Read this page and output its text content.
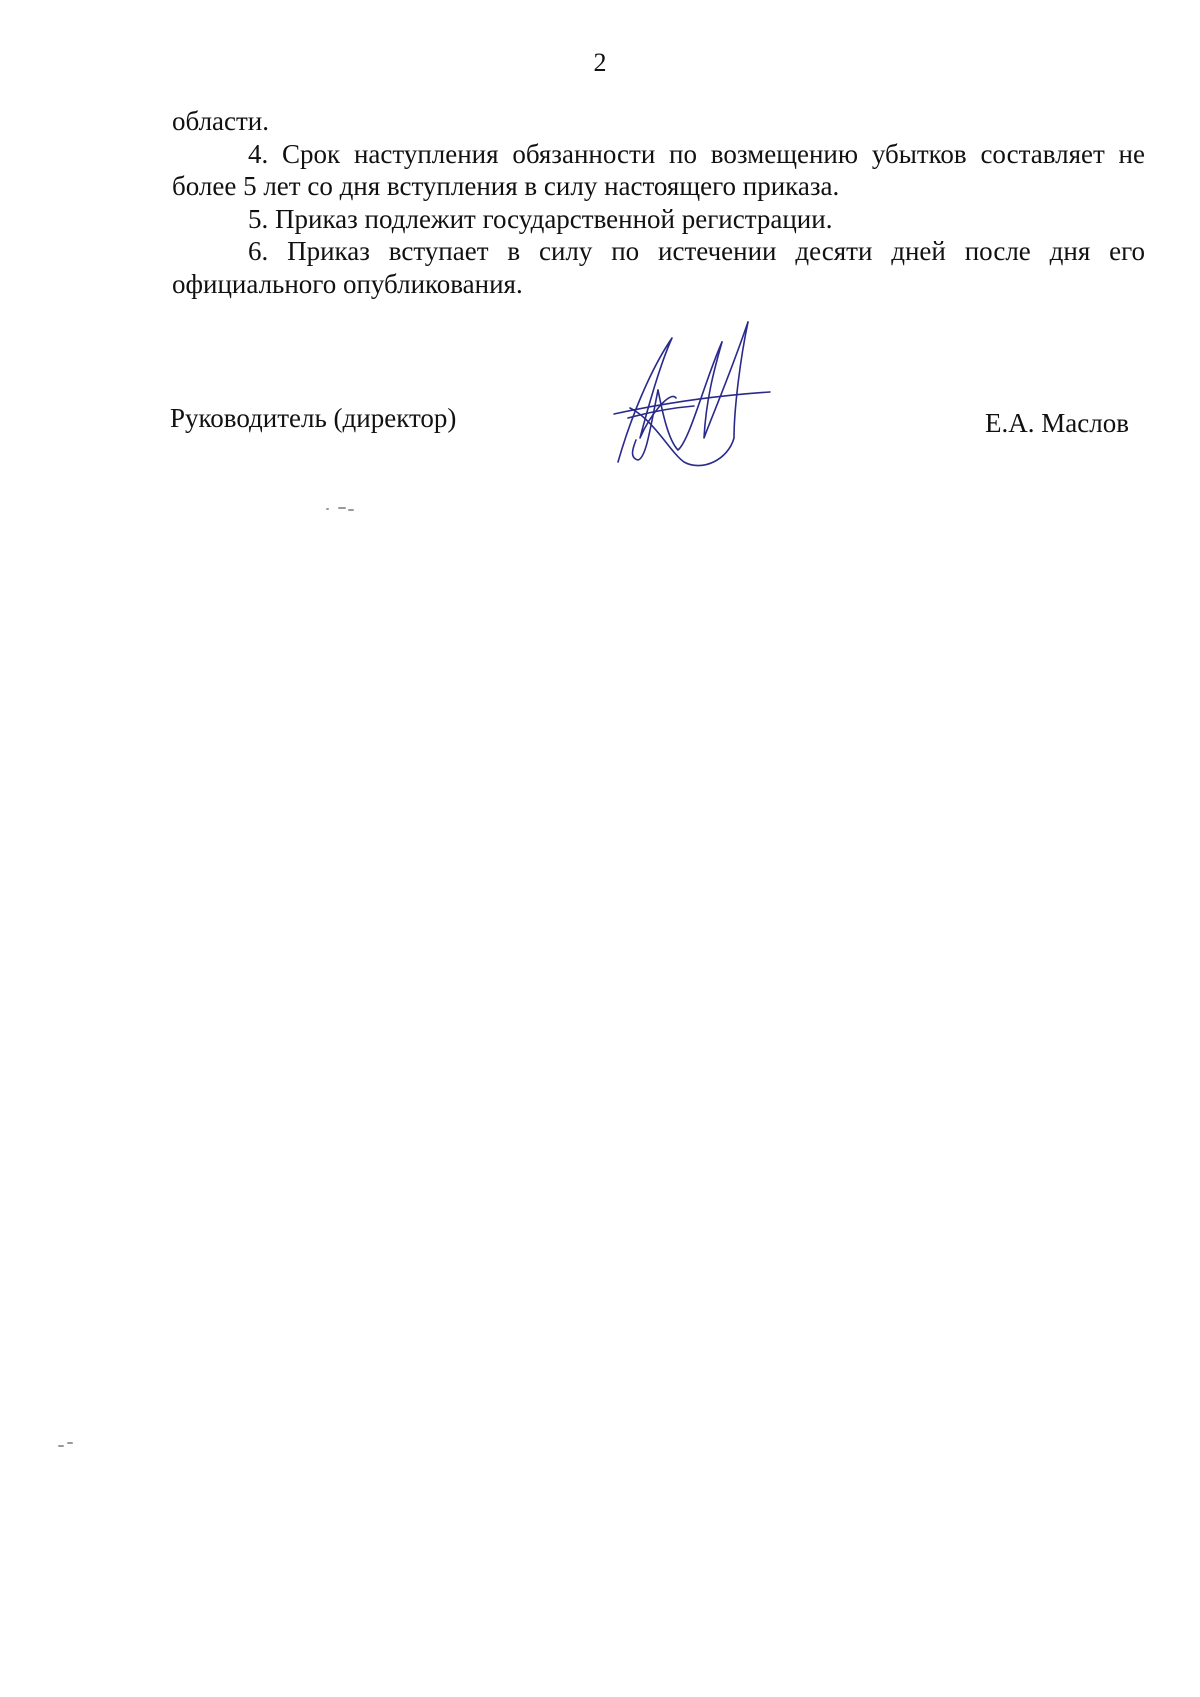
2

области.

4. Срок наступления обязанности по возмещению убытков составляет не более 5 лет со дня вступления в силу настоящего приказа.

5. Приказ подлежит государственной регистрации.

6. Приказ вступает в силу по истечении десяти дней после дня его официального опубликования.

Руководитель (директор)	Е.А. Маслов
